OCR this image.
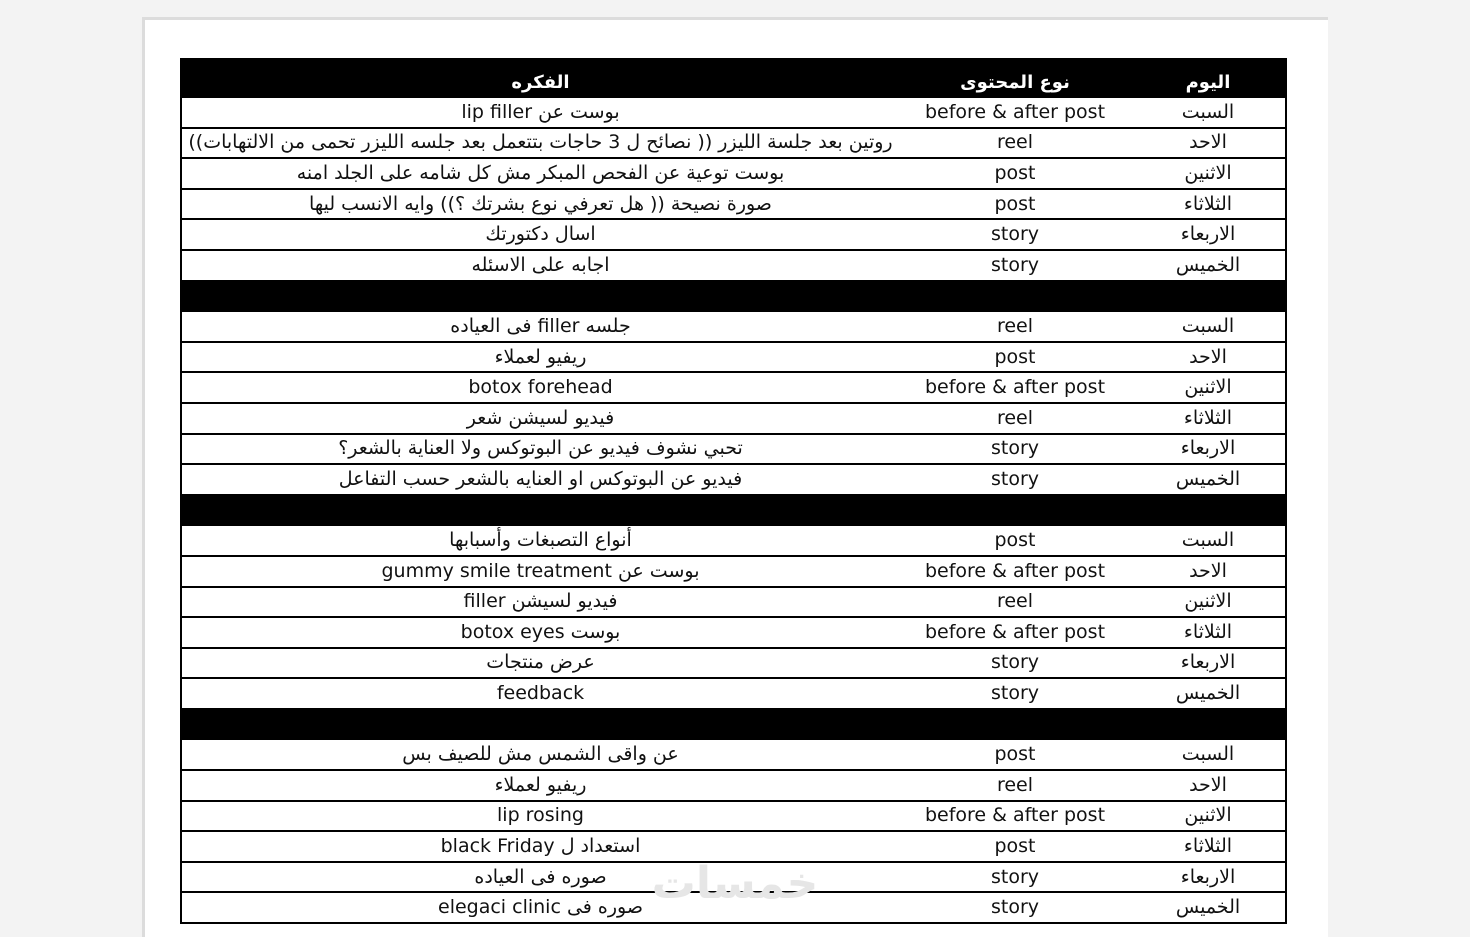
الفكره	نوع المحتوى	اليوم
بوست عن lip filler	before & after post	السبت
روتين بعد جلسة الليزر (( نصائح ل 3 حاجات بتتعمل بعد جلسه الليزر تحمى من الالتهابات))	reel	الاحد
بوست توعية عن الفحص المبكر مش كل شامه على الجلد امنه	post	الاثنين
صورة نصيحة (( هل تعرفي نوع بشرتك ؟)) وايه الانسب ليها	post	الثلاثاء
اسال دكتورتك	story	الاربعاء
اجابه على الاسئله	story	الخميس

جلسه filler فى العياده	reel	السبت
ريفيو لعملاء	post	الاحد
botox forehead	before & after post	الاثنين
فيديو لسيشن شعر	reel	الثلاثاء
تحبي نشوف فيديو عن البوتوكس ولا العناية بالشعر؟	story	الاربعاء
فيديو عن البوتوكس او العنايه بالشعر حسب التفاعل	story	الخميس

أنواع التصبغات وأسبابها	post	السبت
بوست عن gummy smile treatment	before & after post	الاحد
فيديو لسيشن filler	reel	الاثنين
بوست botox eyes	before & after post	الثلاثاء
عرض منتجات	story	الاربعاء
feedback	story	الخميس

عن واقى الشمس مش للصيف بس	post	السبت
ريفيو لعملاء	reel	الاحد
lip rosing	before & after post	الاثنين
استعداد ل black Friday	post	الثلاثاء
صوره فى العياده	story	الاربعاء
صوره فى elegaci clinic	story	الخميس
خمسات
